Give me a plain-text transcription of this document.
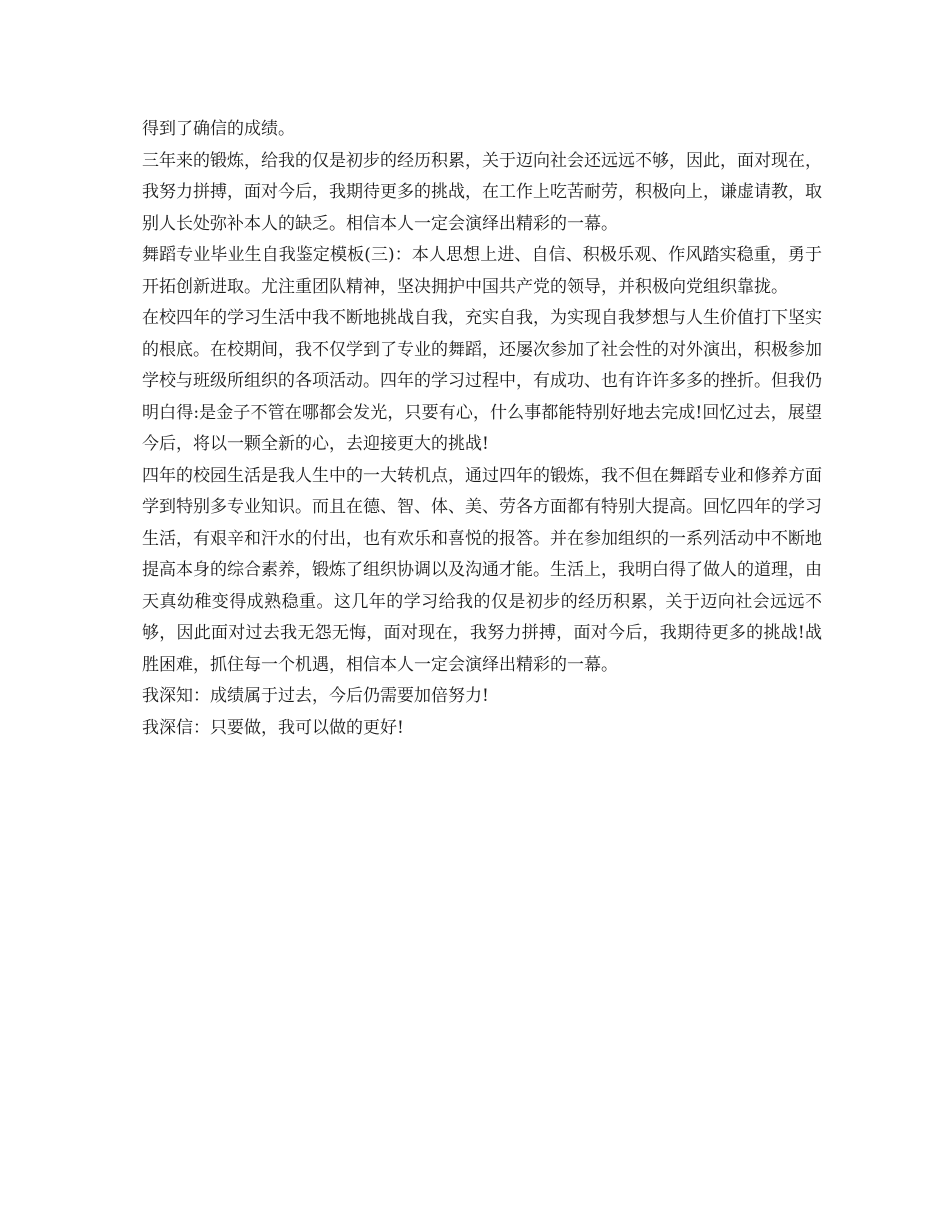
得到了确信的成绩。

三年来的锻炼，给我的仅是初步的经历积累，关于迈向社会还远远不够，因此，面对现在，我努力拼搏，面对今后，我期待更多的挑战，在工作上吃苦耐劳，积极向上，谦虚请教，取别人长处弥补本人的缺乏。相信本人一定会演绎出精彩的一幕。

舞蹈专业毕业生自我鉴定模板(三)：本人思想上进、自信、积极乐观、作风踏实稳重，勇于开拓创新进取。尤注重团队精神，坚决拥护中国共产党的领导，并积极向党组织靠拢。

在校四年的学习生活中我不断地挑战自我，充实自我，为实现自我梦想与人生价值打下坚实的根底。在校期间，我不仅学到了专业的舞蹈，还屡次参加了社会性的对外演出，积极参加学校与班级所组织的各项活动。四年的学习过程中，有成功、也有许许多多的挫折。但我仍明白得:是金子不管在哪都会发光，只要有心，什么事都能特别好地去完成!回忆过去，展望今后，将以一颗全新的心，去迎接更大的挑战!

四年的校园生活是我人生中的一大转机点，通过四年的锻炼，我不但在舞蹈专业和修养方面学到特别多专业知识。而且在德、智、体、美、劳各方面都有特别大提高。回忆四年的学习生活，有艰辛和汗水的付出，也有欢乐和喜悦的报答。并在参加组织的一系列活动中不断地提高本身的综合素养，锻炼了组织协调以及沟通才能。生活上，我明白得了做人的道理，由天真幼稚变得成熟稳重。这几年的学习给我的仅是初步的经历积累，关于迈向社会远远不够，因此面对过去我无怨无悔，面对现在，我努力拼搏，面对今后，我期待更多的挑战!战胜困难，抓住每一个机遇，相信本人一定会演绎出精彩的一幕。

我深知：成绩属于过去，今后仍需要加倍努力!

我深信：只要做，我可以做的更好!
